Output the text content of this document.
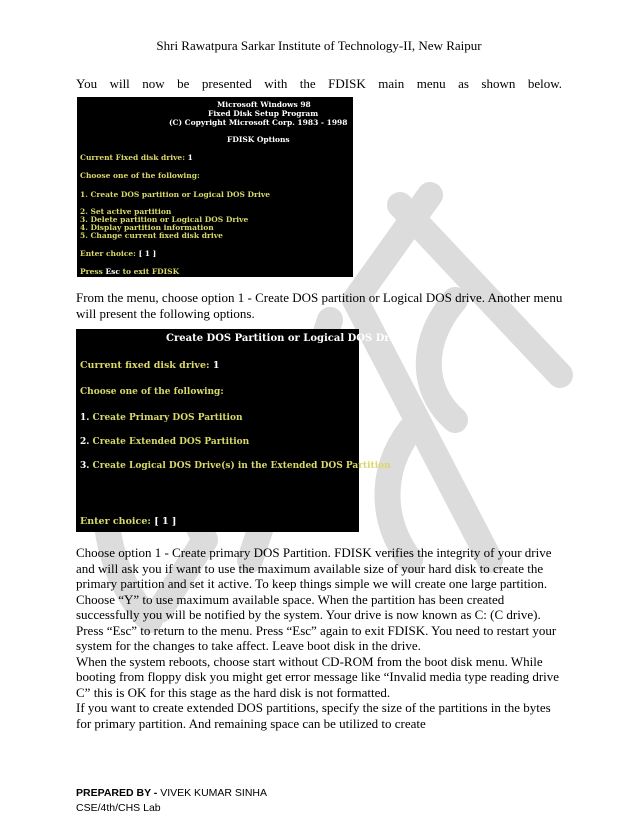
Shri Rawatpura Sarkar Institute of Technology-II, New Raipur
You will now be presented with the FDISK main menu as shown below.
Microsoft Windows 98
Fixed Disk Setup Program
(C) Copyright Microsoft Corp. 1983 - 1998
FDISK Options
Current Fixed disk drive: 1
Choose one of the following:
1. Create DOS partition or Logical DOS Drive
2. Set active partition
3. Delete partition or Logical DOS Drive
4. Display partition information
5. Change current fixed disk drive
Enter choice: [ 1 ]
Press Esc to exit FDISK
From the menu, choose option 1 - Create DOS partition or Logical DOS drive. Another menu will present the following options.
Create DOS Partition or Logical DOS Drive
Current fixed disk drive: 1
Choose one of the following:
1. Create Primary DOS Partition
2. Create Extended DOS Partition
3. Create Logical DOS Drive(s) in the Extended DOS Partition
Enter choice: [ 1 ]

Choose option 1 - Create primary DOS Partition. FDISK verifies the integrity of your drive and will ask you if want to use the maximum available size of your hard disk to create the primary partition and set it active. To keep things simple we will create one large partition. Choose “Y” to use maximum available space. When the partition has been created successfully you will be notified by the system. Your drive is now known as C: (C drive). Press “Esc” to return to the menu. Press “Esc” again to exit FDISK. You need to restart your system for the changes to take affect. Leave boot disk in the drive.

When the system reboots, choose start without CD-ROM from the boot disk menu. While booting from floppy disk you might get error message like “Invalid media type reading drive C” this is OK for this stage as the hard disk is not formatted.

If you want to create extended DOS partitions, specify the size of the partitions in the bytes for primary partition. And remaining space can be utilized to create

PREPARED BY - VIVEK KUMAR SINHA
CSE/4th/CHS Lab
